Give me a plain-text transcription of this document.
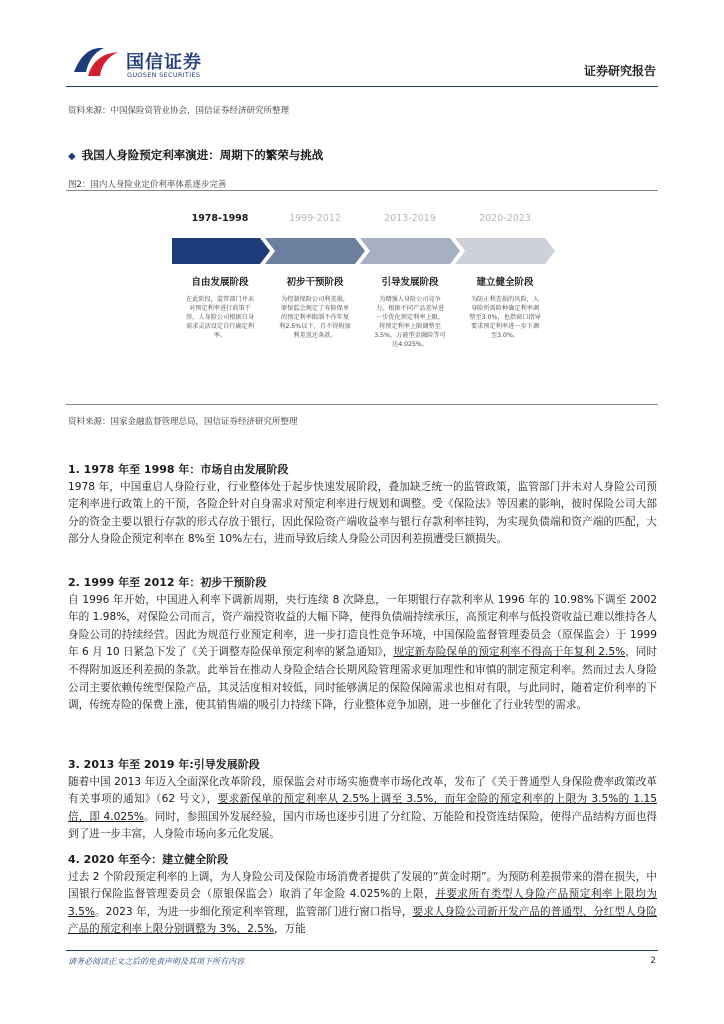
国信证券
GUOSEN SECURITIES	证券研究报告
资料来源：中国保险资管业协会，国信证券经济研究所整理
◆ 我国人身险预定利率演进：周期下的繁荣与挑战
图2：国内人身险业定价利率体系逐步完善
1978-1998	1999-2012	2013-2019	2020-2023
自由发展阶段	初步干预阶段	引导发展阶段	建立健全阶段
在此阶段，监管部门并未对预定利率进行政策干涉，人身险公司根据自身需求灵活设定自行确定利率。
为控制保险公司利差损，原保监会规定了寿险保单的预定利率限制不作年复利2.5%以下，且不得附加利差返还条款。
为增强人身险公司竞争力，根据不同产品差异进一步优化预定利率上限，将预定利率上限调整至3.5%，万能型金融险等可达4.025%。
为防止利差损的风险，人身险所需险种确定利率调整至3.0%，也指窗口指导要求预定利率进一步下调至3.0%。
资料来源：国家金融监督管理总局，国信证券经济研究所整理

1. 1978 年至 1998 年：市场自由发展阶段

1978 年，中国重启人身险行业，行业整体处于起步快速发展阶段，叠加缺乏统一的监管政策，监管部门并未对人身险公司预定利率进行政策上的干预，各险企针对自身需求对预定利率进行规划和调整。受《保险法》等因素的影响，彼时保险公司大部分的资金主要以银行存款的形式存放于银行，因此保险资产端收益率与银行存款利率挂钩，为实现负债端和资产端的匹配，大部分人身险企预定利率在 8%至 10%左右，进而导致后续人身险公司因利差损遭受巨额损失。

2. 1999 年至 2012 年：初步干预阶段

自 1996 年开始，中国进入利率下调新周期，央行连续 8 次降息，一年期银行存款利率从 1996 年的 10.98%下调至 2002 年的 1.98%，对保险公司而言，资产端投资收益的大幅下降，使得负债端持续承压，高预定利率与低投资收益已难以维持各人身险公司的持续经营。因此为规范行业预定利率，进一步打造良性竞争环境，中国保险监督管理委员会（原保监会）于 1999 年 6 月 10 日紧急下发了《关于调整寿险保单预定利率的紧急通知》，规定新寿险保单的预定利率不得高于年复利 2.5%，同时不得附加返还利差损的条款。此举旨在推动人身险企结合长期风险管理需求更加理性和审慎的制定预定利率。然而过去人身险公司主要依赖传统型保险产品，其灵活度相对较低，同时能够满足的保险保障需求也相对有限，与此同时，随着定价利率的下调，传统寿险的保费上涨，使其销售端的吸引力持续下降，行业整体竞争加剧，进一步催化了行业转型的需求。

3. 2013 年至 2019 年:引导发展阶段

随着中国 2013 年迈入全面深化改革阶段，原保监会对市场实施费率市场化改革，发布了《关于普通型人身保险费率政策改革有关事项的通知》（62 号文），要求新保单的预定利率从 2.5%上调至 3.5%，而年金险的预定利率的上限为 3.5%的 1.15 倍，即 4.025%。同时，参照国外发展经验，国内市场也逐步引进了分红险、万能险和投资连结保险，使得产品结构方面也得到了进一步丰富，人身险市场向多元化发展。

4. 2020 年至今：建立健全阶段

过去 2 个阶段预定利率的上调，为人身险公司及保险市场消费者提供了发展的“黄金时期”。为预防利差损带来的潜在损失，中国银行保险监督管理委员会（原银保监会）取消了年金险 4.025%的上限，并要求所有类型人身险产品预定利率上限均为 3.5%。2023 年，为进一步细化预定利率管理，监管部门进行窗口指导，要求人身险公司新开发产品的普通型、分红型人身险产品的预定利率上限分别调整为 3%、2.5%，万能

请务必阅读正文之后的免责声明及其项下所有内容	2
